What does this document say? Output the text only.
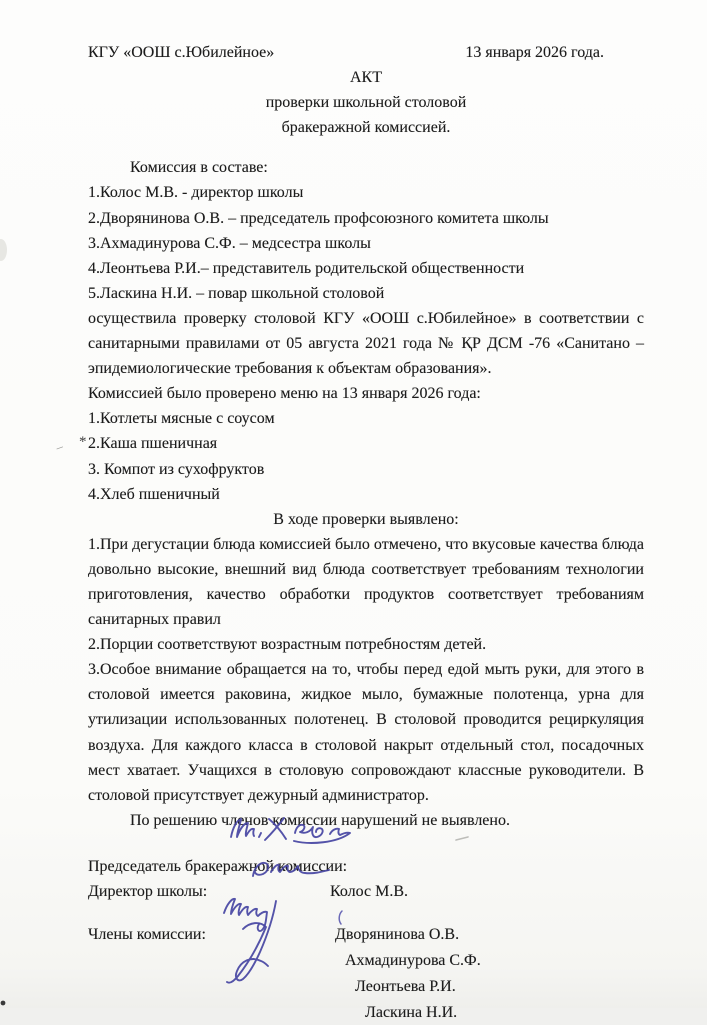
КГУ «ООШ с.Юбилейное»	13 января 2026 года.
АКТ
проверки школьной столовой
бракеражной комиссией.
Комиссия в составе:
1.Колос М.В. - директор школы
2.Дворянинова О.В. – председатель профсоюзного комитета школы
3.Ахмадинурова С.Ф. – медсестра школы
4.Леонтьева Р.И.– представитель родительской общественности
5.Ласкина Н.И. – повар школьной столовой
осуществила проверку столовой КГУ «ООШ с.Юбилейное» в соответствии с санитарными правилами от 05 августа 2021 года № ҚР ДСМ -76 «Санитано – эпидемиологические требования к объектам образования».
Комиссией было проверено меню на 13 января 2026 года:
1.Котлеты мясные с соусом
– * 2.Каша пшеничная
3. Компот из сухофруктов
4.Хлеб пшеничный
В ходе проверки выявлено:
1.При дегустации блюда комиссией было отмечено, что вкусовые качества блюда довольно высокие, внешний вид блюда соответствует требованиям технологии приготовления, качество обработки продуктов соответствует требованиям санитарных правил
2.Порции соответствуют возрастным потребностям детей.
3.Особое внимание обращается на то, чтобы перед едой мыть руки, для этого в столовой имеется раковина, жидкое мыло, бумажные полотенца, урна для утилизации использованных полотенец. В столовой проводится рециркуляция воздуха. Для каждого класса в столовой накрыт отдельный стол, посадочных мест хватает. Учащихся в столовую сопровождают классные руководители. В столовой присутствует дежурный администратор.
По решению членов комиссии нарушений не выявлено.
Председатель бракеражной комиссии:
Директор школы:	Колос М.В.
Члены комиссии:	Дворянинова О.В.
Ахмадинурова С.Ф.
Леонтьева Р.И.
Ласкина Н.И.
